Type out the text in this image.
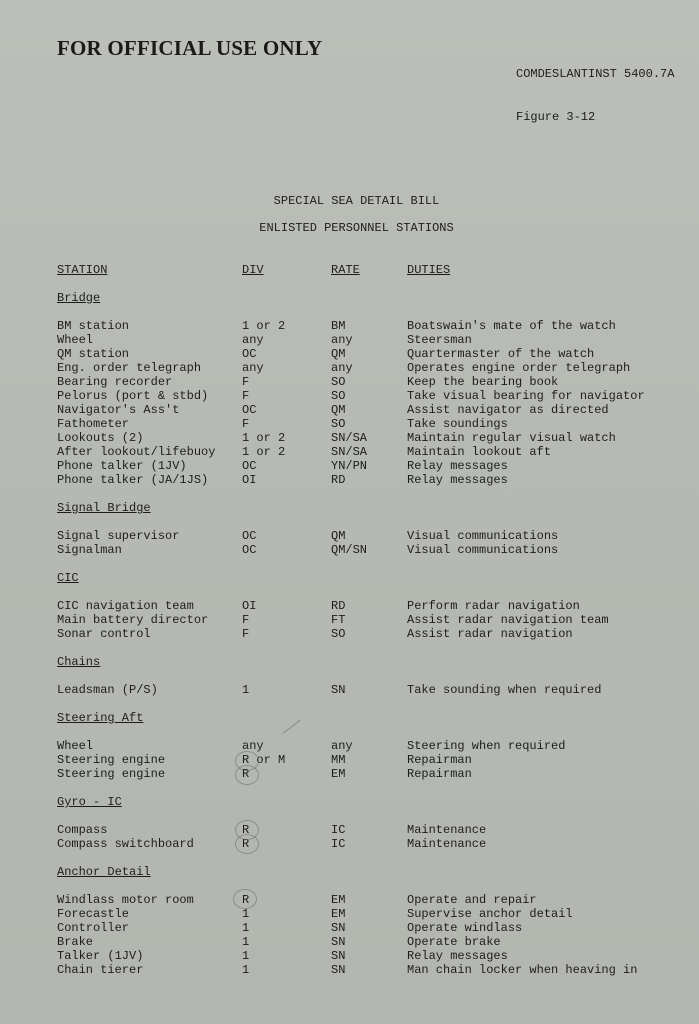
FOR OFFICIAL USE ONLY
COMDESLANTINST 5400.7A
Figure 3-12
SPECIAL SEA DETAIL BILL
ENLISTED PERSONNEL STATIONS
STATION	DIV	RATE	DUTIES
Bridge
BM station	1 or 2	BM	Boatswain's mate of the watch
Wheel	any	any	Steersman
QM station	OC	QM	Quartermaster of the watch
Eng. order telegraph	any	any	Operates engine order telegraph
Bearing recorder	F	SO	Keep the bearing book
Pelorus (port & stbd)	F	SO	Take visual bearing for navigator
Navigator's Ass't	OC	QM	Assist navigator as directed
Fathometer	F	SO	Take soundings
Lookouts (2)	1 or 2	SN/SA	Maintain regular visual watch
After lookout/lifebuoy 1 or 2	SN/SA	Maintain lookout aft
Phone talker (1JV)	OC	YN/PN	Relay messages
Phone talker (JA/1JS)	OI	RD	Relay messages
Signal Bridge
Signal supervisor	OC	QM	Visual communications
Signalman	OC	QM/SN	Visual communications
CIC
CIC navigation team	OI	RD	Perform radar navigation
Main battery director	F	FT	Assist radar navigation team
Sonar control	F	SO	Assist radar navigation
Chains
Leadsman (P/S)	1	SN	Take sounding when required
Steering Aft
Wheel	any	any	Steering when required
Steering engine	R or M	MM	Repairman
Steering engine	R	EM	Repairman
Gyro - IC
Compass	R	IC	Maintenance
Compass switchboard	R	IC	Maintenance
Anchor Detail
Windlass motor room	R	EM	Operate and repair
Forecastle	1	EM	Supervise anchor detail
Controller	1	SN	Operate windlass
Brake	1	SN	Operate brake
Talker (1JV)	1	SN	Relay messages
Chain tierer	1	SN	Man chain locker when heaving in
